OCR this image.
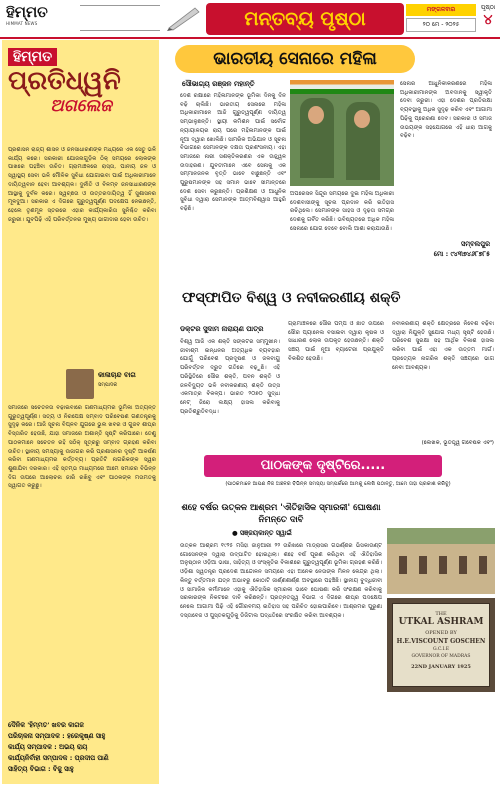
ହିମ୍ମତ
HIMMAT NEWS	ମନ୍ତବ୍ୟ ପୃଷ୍ଠା	ମଙ୍ଗଳବାର
୨୦ ମେ - ୨୦୨୫
ପୃଷ୍ଠା
୪
ହିମ୍ମତ
ପ୍ରତିଧ୍ୱନି
ଅଗଲେଜ
ପ୍ରଶାସନ ରାଜ୍ୟ ଶାସନ ଓ ଜନସାଧାରଣଙ୍କ ମଧ୍ୟରେ ଏକ ସେତୁ ଭଳି କାର୍ଯ୍ୟ କରେ। ସରକାରୀ ଯୋଜନାଗୁଡ଼ିକ ଠିକ୍ ସମୟରେ ଲୋକଙ୍କ ପାଖରେ ପହଞ୍ଚିବା ଉଚିତ। ଗ୍ରାମାଞ୍ଚଳରେ ରାସ୍ତା, ପାନୀୟ ଜଳ ଓ ସ୍ୱାସ୍ଥ୍ୟ ସେବା ଭଳି ମୌଳିକ ସୁବିଧା ଯୋଗାଇବା ପାଇଁ ଅଧିକାରୀମାନେ ଦାୟିତ୍ୱବାନ ହେବା ଆବଶ୍ୟକ। ଦୁର୍ନୀତି ଓ ବିଳମ୍ବ ଜନସାଧାରଣଙ୍କ ଆସ୍ଥାକୁ ଦୁର୍ବଳ କରେ। ସ୍ୱଚ୍ଛତା ଓ ଉତ୍ତରଦାୟିତ୍ୱ ହିଁ ସୁଶାସନର ମୂଳଦୁଆ। ସରକାର ଏ ଦିଗରେ ଗୁରୁତ୍ୱପୂର୍ଣ୍ଣ ପଦକ୍ଷେପ ନେଇଛନ୍ତି, ହେଲେ ତୃଣମୂଳ ସ୍ତରରେ ଏହାର କାର୍ଯ୍ୟକାରିତା ସୁନିଶ୍ଚିତ କରିବା ଜରୁରୀ। ଯୁବପିଢ଼ି ଏହି ପରିବର୍ତ୍ତନର ମୁଖ୍ୟ ଭାଗୀଦାର ହେବା ଉଚିତ।
କାଳାଚାନ୍ଦ ବାଗ
ସମ୍ପାଦକ
ସମାଜରେ ସଚେତନତା ବଢ଼ାଇବାରେ ଗଣମାଧ୍ୟମର ଭୂମିକା ଅତ୍ୟନ୍ତ ଗୁରୁତ୍ୱପୂର୍ଣ୍ଣ। ସତ୍ୟ ଓ ନିରପେକ୍ଷ ସମ୍ବାଦ ପରିବେଷଣ ଗଣତନ୍ତ୍ରକୁ ସୁଦୃଢ଼ କରେ। ଆଜି ସୂଚନା ବିପ୍ଳବ ଯୁଗରେ ଭୁଲ ଖବର ଓ ଗୁଜବ ଶୀଘ୍ର ବିସ୍ତାରିତ ହେଉଛି, ଯାହା ସମାଜରେ ଅଶାନ୍ତି ସୃଷ୍ଟି କରିପାରେ। ତେଣୁ ପାଠକମାନେ ସଚେତନ ରହି ସଠିକ୍ ସୂତ୍ରରୁ ସମ୍ବାଦ ଗ୍ରହଣ କରିବା ଉଚିତ। ସ୍ଥାନୀୟ ସମସ୍ୟାକୁ ଉଜାଗର କରି ପ୍ରଶାସନର ଦୃଷ୍ଟି ଆକର୍ଷଣ କରିବା ଗଣମାଧ୍ୟମର କର୍ତ୍ତବ୍ୟ। ପ୍ରତିଟି ନାଗରିକଙ୍କ ସ୍ୱର ଶୁଣାଯିବା ଦରକାର। ଏହି ସ୍ତମ୍ଭ ମାଧ୍ୟମରେ ଆମେ ସମାଜର ବିଭିନ୍ନ ଦିଗ ଉପରେ ଆଲୋଚନା ଜାରି ରଖିବୁ ଏବଂ ପାଠକଙ୍କ ମତାମତକୁ ସ୍ୱାଗତ କରୁଛୁ।
ଦୈନିକ 'ହିମ୍ମତ' ଖବର କାଗଜ
ପରିଚାଳନା ସମ୍ପାଦକ : ହରେକୃଷ୍ଣ ସାହୁ
କାର୍ଯ୍ୟ ସମ୍ପାଦକ : ଅଭୟ ରାୟ
କାର୍ଯ୍ୟନିର୍ବାହୀ ସମ୍ପାଦକ : ପ୍ରଦୀପ ପାଣି
ସାହିତ୍ୟ ବିଭାଗ : ବିଜୁ ସାହୁ
ଭାରତୀୟ ସେନାରେ ମହିଳା
ସୌଭାଗ୍ୟ ରଞ୍ଜନ ମହାନ୍ତି
ଦେଶ ରକ୍ଷାରେ ମହିଳାମାନଙ୍କ ଭୂମିକା ଦିନକୁ ଦିନ ବଢ଼ି ଚାଲିଛି। ଭାରତୀୟ ସେନାରେ ମହିଳା ଅଧିକାରୀମାନେ ଆଜି ଗୁରୁତ୍ୱପୂର୍ଣ୍ଣ ଦାୟିତ୍ୱ ସମ୍ଭାଳୁଛନ୍ତି। ସ୍ଥାୟୀ କମିଶନ ପାଇଁ ସର୍ବୋଚ୍ଚ ନ୍ୟାୟାଳୟର ରାୟ ପରେ ମହିଳାମାନଙ୍କ ପାଇଁ ନୂଆ ଦ୍ୱାର ଖୋଲିଛି। ସାମରିକ ଅଭିଯାନ ଓ ସୂଚନା ବିଭାଗରେ ସେମାନଙ୍କ ଦକ୍ଷତା ପ୍ରଶଂସନୀୟ। ଏହା ସମାଜରେ ନାରୀ ସଶକ୍ତିକରଣର ଏକ ଉଜ୍ଜ୍ୱଳ ଉଦାହରଣ। ଯୁବତୀମାନେ ଏବେ ସେନାକୁ ଏକ ସମ୍ମାନଜନକ ବୃତ୍ତି ଭାବେ ବାଛୁଛନ୍ତି ଏବଂ ପୁରୁଷମାନଙ୍କ ସହ ସମାନ ଭାବେ ସୀମାନ୍ତରେ ଦେଶ ସେବା କରୁଛନ୍ତି। ପ୍ରଶିକ୍ଷଣ ଓ ଆଧୁନିକ ସୁବିଧା ଦ୍ୱାରା ସେମାନଙ୍କ ଆତ୍ମବିଶ୍ୱାସ ଆହୁରି ବଢ଼ିଛି।
ଅପରେସନ ସିନ୍ଦୂର ସମୟରେ ଦୁଇ ମହିଳା ଅଧିକାରୀ ଦେଶବାସୀଙ୍କୁ ସୂଚନା ପ୍ରଦାନ କରି ଇତିହାସ ରଚିଥିଲେ। ସେମାନଙ୍କ ସାହସ ଓ ଦୃଢ଼ତା ସମଗ୍ର ଦେଶକୁ ଗର୍ବିତ କରିଛି। ଭବିଷ୍ୟତରେ ଅଧିକ ମହିଳା ସେନାରେ ଯୋଗ ଦେବେ ବୋଲି ଆଶା କରାଯାଉଛି।
ସେନାର ଆଧୁନିକୀକରଣରେ ମହିଳା ଅଧିକାରୀମାନଙ୍କ ଅବଦାନକୁ ସ୍ୱୀକୃତି ଦେବା ଜରୁରୀ। ଏହା ଦେଶର ପ୍ରତିରକ୍ଷା ବ୍ୟବସ୍ଥାକୁ ଅଧିକ ସୁଦୃଢ଼ କରିବ ଏବଂ ଆଗାମୀ ପିଢ଼ିକୁ ପ୍ରେରଣା ଦେବ। ସରକାର ଓ ସମାଜ ଉଭୟଙ୍କ ସହଯୋଗରେ ଏହି ଧାରା ଆଗକୁ ବଢ଼ିବ।
ସମ୍ବଲପୁର
ମୋ : ୯୪୩୭୪୬୮୭୮୫
ଫସ୍ଫାପିତ ବିଶ୍ୱ ଓ ନବୀକରଣୀୟ ଶକ୍ତି
ଡକ୍ଟର ସୁଦାମ ନାରାୟଣ ପାତ୍ର
ବିଶ୍ୱ ଆଜି ଏକ ଶକ୍ତି ସଙ୍କଟର ସମ୍ମୁଖୀନ। ଜୀବାଶ୍ମ ଇନ୍ଧନର ଅତ୍ୟଧିକ ବ୍ୟବହାର ଯୋଗୁଁ ପରିବେଶ ପ୍ରଦୂଷଣ ଓ ଜଳବାୟୁ ପରିବର୍ତ୍ତନ ଦ୍ରୁତ ଗତିରେ ବଢ଼ୁଛି। ଏହି ପରିସ୍ଥିତିରେ ସୌର ଶକ୍ତି, ପବନ ଶକ୍ତି ଓ ଜଳବିଦ୍ୟୁତ ଭଳି ନବୀକରଣୀୟ ଶକ୍ତି ଉତ୍ସ ଏକମାତ୍ର ବିକଳ୍ପ। ଭାରତ ୨୦୭୦ ସୁଦ୍ଧା ନେଟ୍ ଜିରୋ ଲକ୍ଷ୍ୟ ହାସଲ କରିବାକୁ ପ୍ରତିଶ୍ରୁତିବଦ୍ଧ।
ଗ୍ରାମାଞ୍ଚଳରେ ସୌର ପମ୍ପ ଓ ଛାତ ଉପରେ ସୌର ପ୍ୟାନେଲ ବସାଇବା ଦ୍ୱାରା କୃଷକ ଓ ସାଧାରଣ ଲୋକ ଉପକୃତ ହେଉଛନ୍ତି। ଶକ୍ତି ସଞ୍ଚୟ ପାଇଁ ନୂଆ ବ୍ୟାଟେରୀ ପ୍ରଯୁକ୍ତି ବିକଶିତ ହେଉଛି।
ନବୀକରଣୀୟ ଶକ୍ତି କ୍ଷେତ୍ରରେ ନିବେଶ ବଢ଼ିବା ଦ୍ୱାରା ନିଯୁକ୍ତି ସୁଯୋଗ ମଧ୍ୟ ସୃଷ୍ଟି ହେଉଛି। ପରିବେଶ ସୁରକ୍ଷା ସହ ଆର୍ଥିକ ବିକାଶ ହାସଲ କରିବା ପାଇଁ ଏହା ଏକ ଉତ୍ତମ ମାର୍ଗ। ପ୍ରତ୍ୟେକ ନାଗରିକ ଶକ୍ତି ସଞ୍ଚୟରେ ଭାଗ ନେବା ଆବଶ୍ୟକ।
(ଲେଖକ, ଭୂତତ୍ତ୍ୱ ଗବେଷକ ଏବଂ)
ପାଠକଙ୍କ ଦୃଷ୍ଟିରେ.....
(ପାଠକମାନେ ଆପଣ ନିଜ ଅଞ୍ଚଳର ବିଭିନ୍ନ ସମସ୍ୟା ସମ୍ପର୍କରେ ଆମକୁ ଲେଖି ପଠାନ୍ତୁ, ଆମେ ତାହା ପ୍ରକାଶ କରିବୁ)
ଶହେ ବର୍ଷର ଉତ୍କଳ ଆଶ୍ରମ 'ଐତିହାସିକ ସ୍ମାରକୀ' ଘୋଷଣା ନିମନ୍ତେ ଦାବି
● ସଞ୍ଜୟକାନ୍ତ ସ୍ୱାଇଁ
ଉତ୍କଳ ଆଶ୍ରମ ୧୯୨୫ ମସିହା ଜାନୁଆରୀ ୨୨ ତାରିଖରେ ମାଡ୍ରାସର ଗଭର୍ଣ୍ଣର ଭିସକାଉଣ୍ଟ ଗୋସେନଙ୍କ ଦ୍ୱାରା ଉଦ୍‌ଘାଟିତ ହୋଇଥିଲା। ଶହେ ବର୍ଷ ପୂରଣ କରିଥିବା ଏହି ଐତିହାସିକ ଅନୁଷ୍ଠାନ ଓଡ଼ିଆ ଭାଷା, ସାହିତ୍ୟ ଓ ସଂସ୍କୃତିର ବିକାଶରେ ଗୁରୁତ୍ୱପୂର୍ଣ୍ଣ ଭୂମିକା ଗ୍ରହଣ କରିଛି। ଓଡ଼ିଶା ସ୍ୱତନ୍ତ୍ର ପ୍ରଦେଶ ଆନ୍ଦୋଳନ ସମୟରେ ଏହା ଅନେକ ନେତାଙ୍କ ମିଳନ କେନ୍ଦ୍ର ଥିଲା। କିନ୍ତୁ ବର୍ତ୍ତମାନ ଯତ୍ନ ଅଭାବରୁ କୋଠାଟି ଜୀର୍ଣ୍ଣଶୀର୍ଣ୍ଣ ଅବସ୍ଥାରେ ପହଞ୍ଚିଛି। ସ୍ଥାନୀୟ ବୁଦ୍ଧିଜୀବୀ ଓ ସାମାଜିକ କର୍ମୀମାନେ ଏହାକୁ ଐତିହାସିକ ସ୍ମାରକୀ ଭାବେ ଘୋଷଣା କରି ସଂରକ୍ଷଣ କରିବାକୁ ସରକାରଙ୍କ ନିକଟରେ ଦାବି କରିଛନ୍ତି। ପ୍ରତ୍ନତତ୍ତ୍ୱ ବିଭାଗ ଏ ଦିଗରେ ଶୀଘ୍ର ପଦକ୍ଷେପ ନେଲେ ଆଗାମୀ ପିଢ଼ି ଏହି ଗୌରବମୟ ଇତିହାସ ସହ ପରିଚିତ ହୋଇପାରିବେ। ଆଶ୍ରମର ପୁରୁଣା ଦସ୍ତାବେଜ ଓ ପୁସ୍ତକଗୁଡ଼ିକୁ ଡିଜିଟାଲ ପଦ୍ଧତିରେ ସଂରକ୍ଷିତ କରିବା ଆବଶ୍ୟକ।	THE
UTKAL ASHRAM
OPENED BY
H.E.VISCOUNT GOSCHEN
G.C.I.E
GOVERNOR OF MADRAS
22ND JANUARY 1925
